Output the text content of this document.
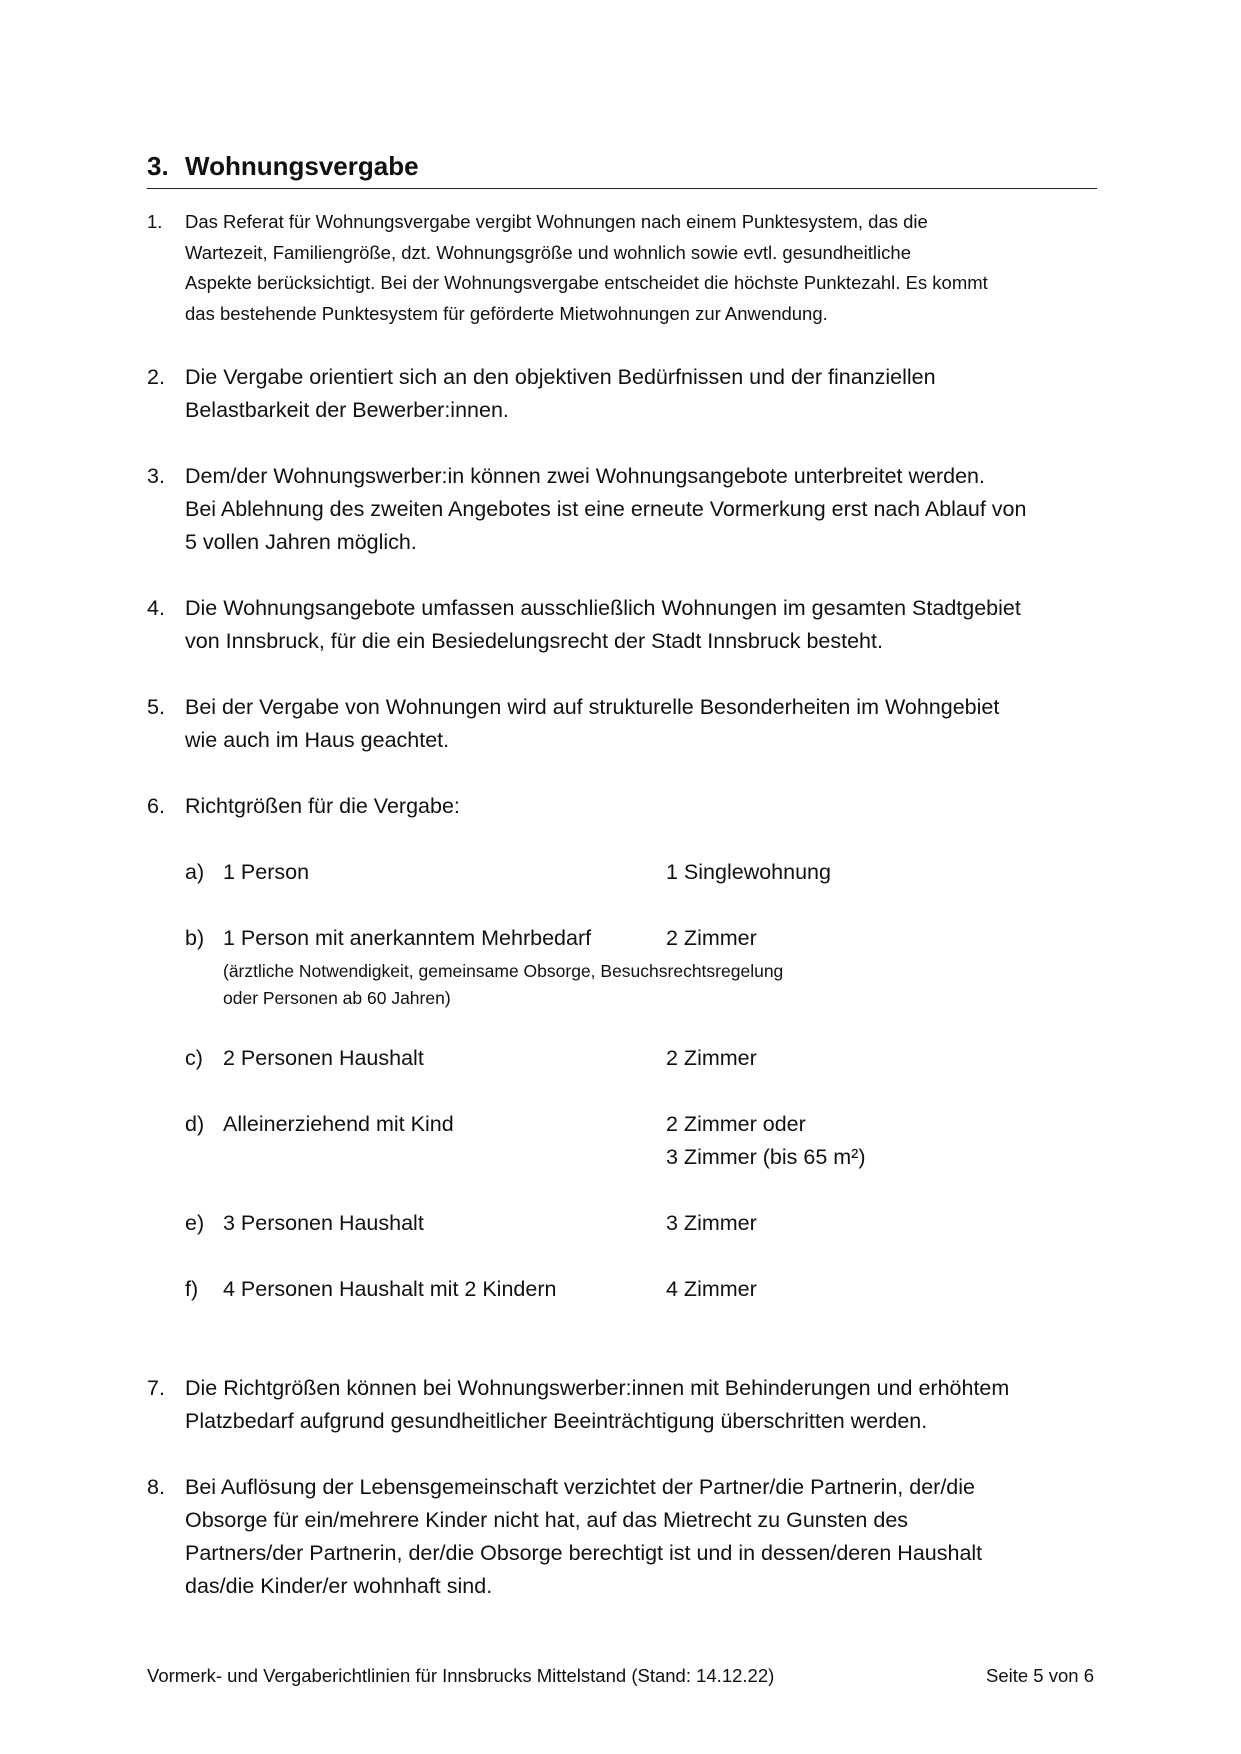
3. Wohnungsvergabe
1.	Das Referat für Wohnungsvergabe vergibt Wohnungen nach einem Punktesystem, das die
Wartezeit, Familiengröße, dzt. Wohnungsgröße und wohnlich sowie evtl. gesundheitliche
Aspekte berücksichtigt. Bei der Wohnungsvergabe entscheidet die höchste Punktezahl. Es kommt
das bestehende Punktesystem für geförderte Mietwohnungen zur Anwendung.
2. Die Vergabe orientiert sich an den objektiven Bedürfnissen und der finanziellen
Belastbarkeit der Bewerber:innen.
3. Dem/der Wohnungswerber:in können zwei Wohnungsangebote unterbreitet werden.
Bei Ablehnung des zweiten Angebotes ist eine erneute Vormerkung erst nach Ablauf von
5 vollen Jahren möglich.
4. Die Wohnungsangebote umfassen ausschließlich Wohnungen im gesamten Stadtgebiet
von Innsbruck, für die ein Besiedelungsrecht der Stadt Innsbruck besteht.
5. Bei der Vergabe von Wohnungen wird auf strukturelle Besonderheiten im Wohngebiet
wie auch im Haus geachtet.
6. Richtgrößen für die Vergabe:
a) 1 Person	1 Singlewohnung
b) 1 Person mit anerkanntem Mehrbedarf	2 Zimmer
(ärztliche Notwendigkeit, gemeinsame Obsorge, Besuchsrechtsregelung
oder Personen ab 60 Jahren)
c) 2 Personen Haushalt	2 Zimmer
d) Alleinerziehend mit Kind	2 Zimmer oder
3 Zimmer (bis 65 m²)
e) 3 Personen Haushalt	3 Zimmer
f)	4 Personen Haushalt mit 2 Kindern	4 Zimmer
7. Die Richtgrößen können bei Wohnungswerber:innen mit Behinderungen und erhöhtem
Platzbedarf aufgrund gesundheitlicher Beeinträchtigung überschritten werden.
8. Bei Auflösung der Lebensgemeinschaft verzichtet der Partner/die Partnerin, der/die
Obsorge für ein/mehrere Kinder nicht hat, auf das Mietrecht zu Gunsten des
Partners/der Partnerin, der/die Obsorge berechtigt ist und in dessen/deren Haushalt
das/die Kinder/er wohnhaft sind.
Vormerk- und Vergaberichtlinien für Innsbrucks Mittelstand (Stand: 14.12.22)	Seite 5 von 6
